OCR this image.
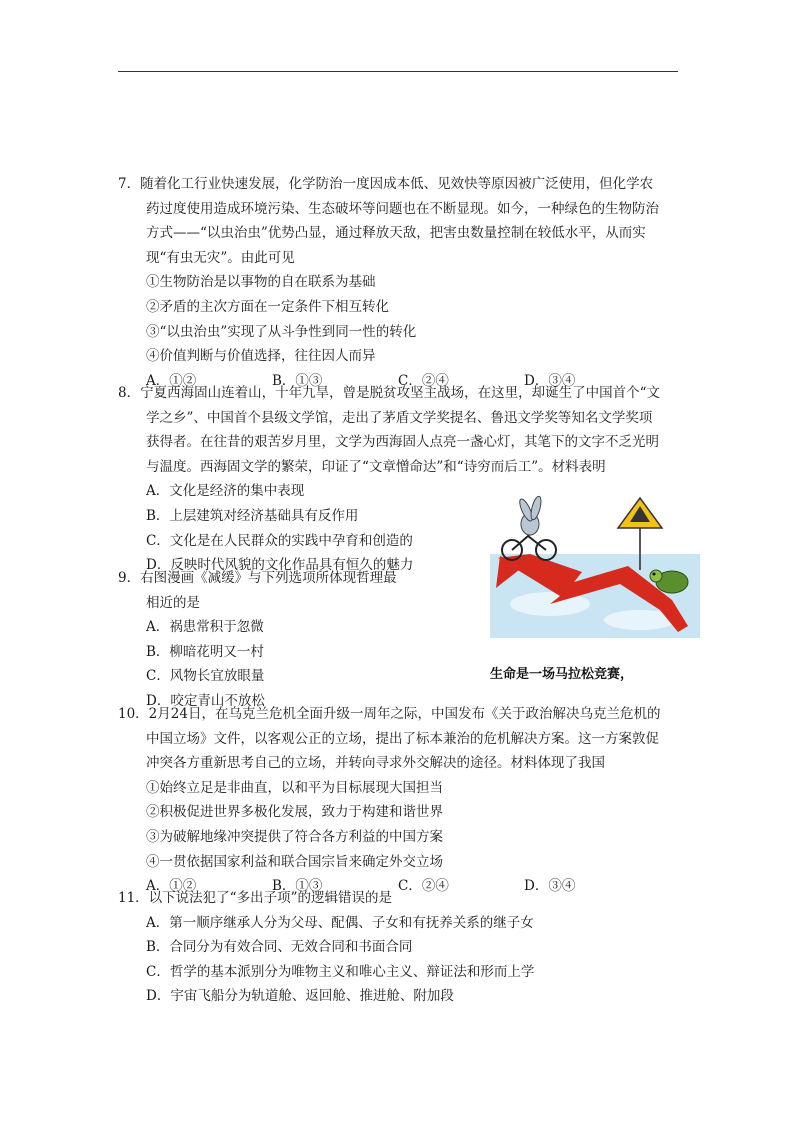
7．随着化工行业快速发展，化学防治一度因成本低、见效快等原因被广泛使用，但化学农
药过度使用造成环境污染、生态破坏等问题也在不断显现。如今，一种绿色的生物防治
方式——“以虫治虫”优势凸显，通过释放天敌，把害虫数量控制在较低水平，从而实
现“有虫无灾”。由此可见
①生物防治是以事物的自在联系为基础
②矛盾的主次方面在一定条件下相互转化
③“以虫治虫”实现了从斗争性到同一性的转化
④价值判断与价值选择，往往因人而异
A．①②	B．①③	C．②④	D．③④
8．宁夏西海固山连着山，十年九旱，曾是脱贫攻坚主战场，在这里，却诞生了中国首个“文
学之乡”、中国首个县级文学馆，走出了茅盾文学奖提名、鲁迅文学奖等知名文学奖项
获得者。在往昔的艰苦岁月里，文学为西海固人点亮一盏心灯，其笔下的文字不乏光明
与温度。西海固文学的繁荣，印证了“文章憎命达”和“诗穷而后工”。材料表明
A．文化是经济的集中表现
B．上层建筑对经济基础具有反作用
C．文化是在人民群众的实践中孕育和创造的
D．反映时代风貌的文化作品具有恒久的魅力
9．右图漫画《减缓》与下列选项所体现哲理最
相近的是
A．祸患常积于忽微
B．柳暗花明又一村
C．风物长宜放眼量
D．咬定青山不放松
生命是一场马拉松竞赛，
10．2月24日，在乌克兰危机全面升级一周年之际，中国发布《关于政治解决乌克兰危机的
中国立场》文件，以客观公正的立场，提出了标本兼治的危机解决方案。这一方案敦促
冲突各方重新思考自己的立场，并转向寻求外交解决的途径。材料体现了我国
①始终立足是非曲直，以和平为目标展现大国担当
②积极促进世界多极化发展，致力于构建和谐世界
③为破解地缘冲突提供了符合各方利益的中国方案
④一贯依据国家利益和联合国宗旨来确定外交立场
A．①②	B．①③	C．②④	D．③④
11．以下说法犯了“多出子项”的逻辑错误的是
A．第一顺序继承人分为父母、配偶、子女和有抚养关系的继子女
B．合同分为有效合同、无效合同和书面合同
C．哲学的基本派别分为唯物主义和唯心主义、辩证法和形而上学
D．宇宙飞船分为轨道舱、返回舱、推进舱、附加段
